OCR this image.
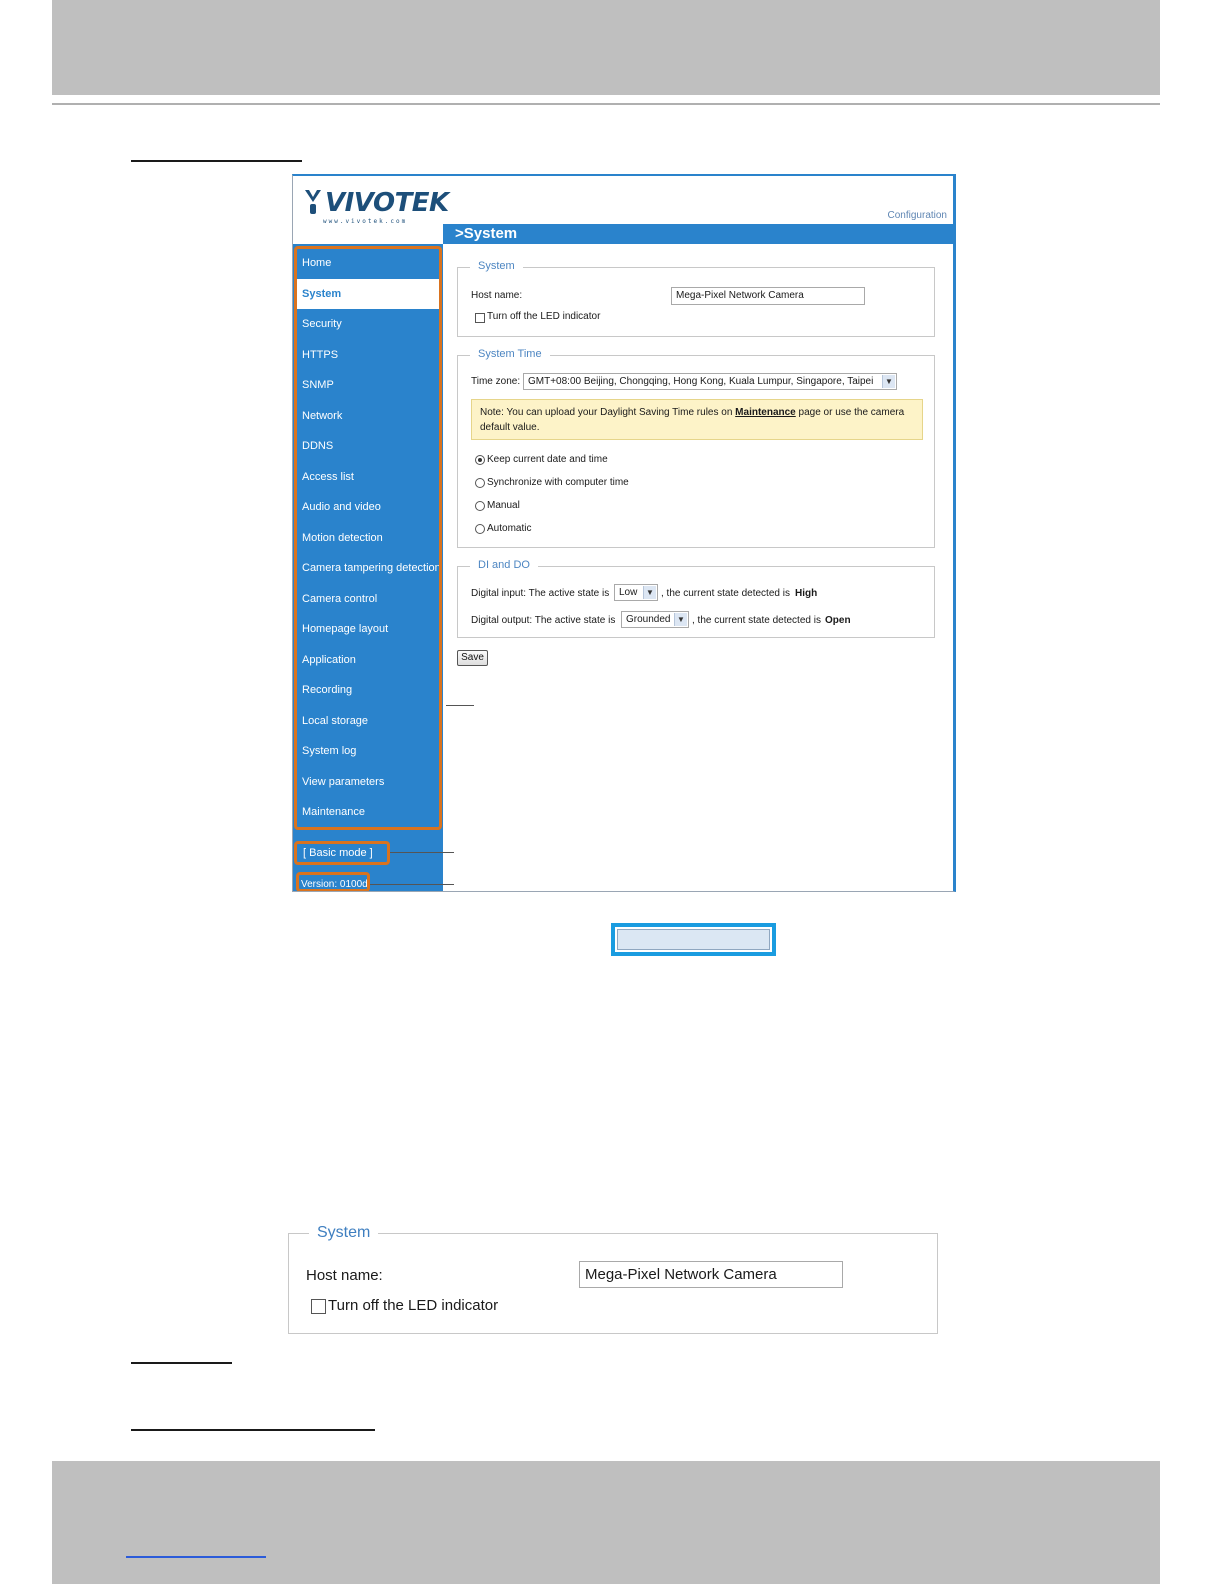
VIVOTEK
www.vivotek.com
Configuration
>System
Home
System
Security
HTTPS
SNMP
Network
DDNS
Access list
Audio and video
Motion detection
Camera tampering detection
Camera control
Homepage layout
Application
Recording
Local storage
System log
View parameters
Maintenance
[ Basic mode ]
Version: 0100d
System
Host name:	Mega-Pixel Network Camera
Turn off the LED indicator
System Time
Time zone: GMT+08:00 Beijing, Chongqing, Hong Kong, Kuala Lumpur, Singapore, Taipei	▼
Note: You can upload your Daylight Saving Time rules on Maintenance page or use the camera default value.
Keep current date and time
Synchronize with computer time
Manual
Automatic
DI and DO
Digital input: The active state is Low	▼ , the current state detected is High
Digital output: The active state is	Grounded ▼ , the current state detected is Open
Save
System
Host name:	Mega-Pixel Network Camera
Turn off the LED indicator
